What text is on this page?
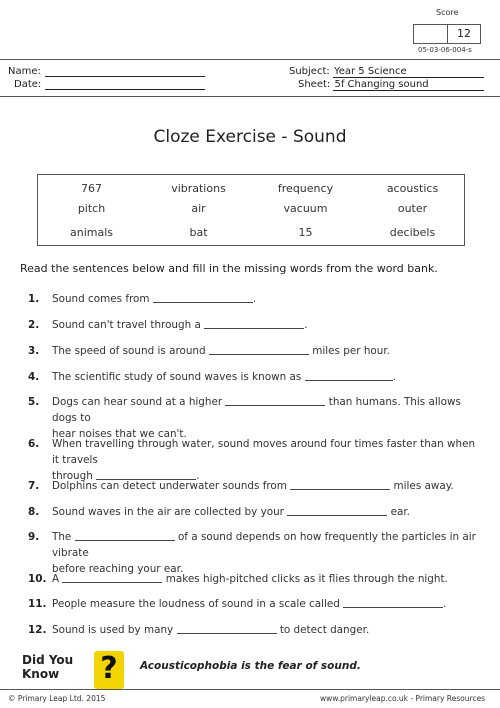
Score
12
05-03-06-004-s
Name:
Date:
Subject: Year 5 Science
Sheet: 5f Changing sound
Cloze Exercise - Sound
767	vibrations	frequency	acoustics
pitch	air	vacuum	outer
animals	bat	15	decibels
Read the sentences below and fill in the missing words from the word bank.
1. Sound comes from	.
2. Sound can't travel through a	.
3. The speed of sound is around	miles per hour.
4. The scientific study of sound waves is known as	.
5. Dogs can hear sound at a higher	than humans. This allows dogs to
hear noises that we can't.
6. When travelling through water, sound moves around four times faster than when it travels
through	.
7. Dolphins can detect underwater sounds from	miles away.
8. Sound waves in the air are collected by your	ear.
9. The	of a sound depends on how frequently the particles in air vibrate
before reaching your ear.
10. A	makes high-pitched clicks as it flies through the night.
11. People measure the loudness of sound in a scale called	.
12. Sound is used by many	to detect danger.
Did You
Know	?	Acousticophobia is the fear of sound.
© Primary Leap Ltd. 2015	www.primaryleap.co.uk - Primary Resources
